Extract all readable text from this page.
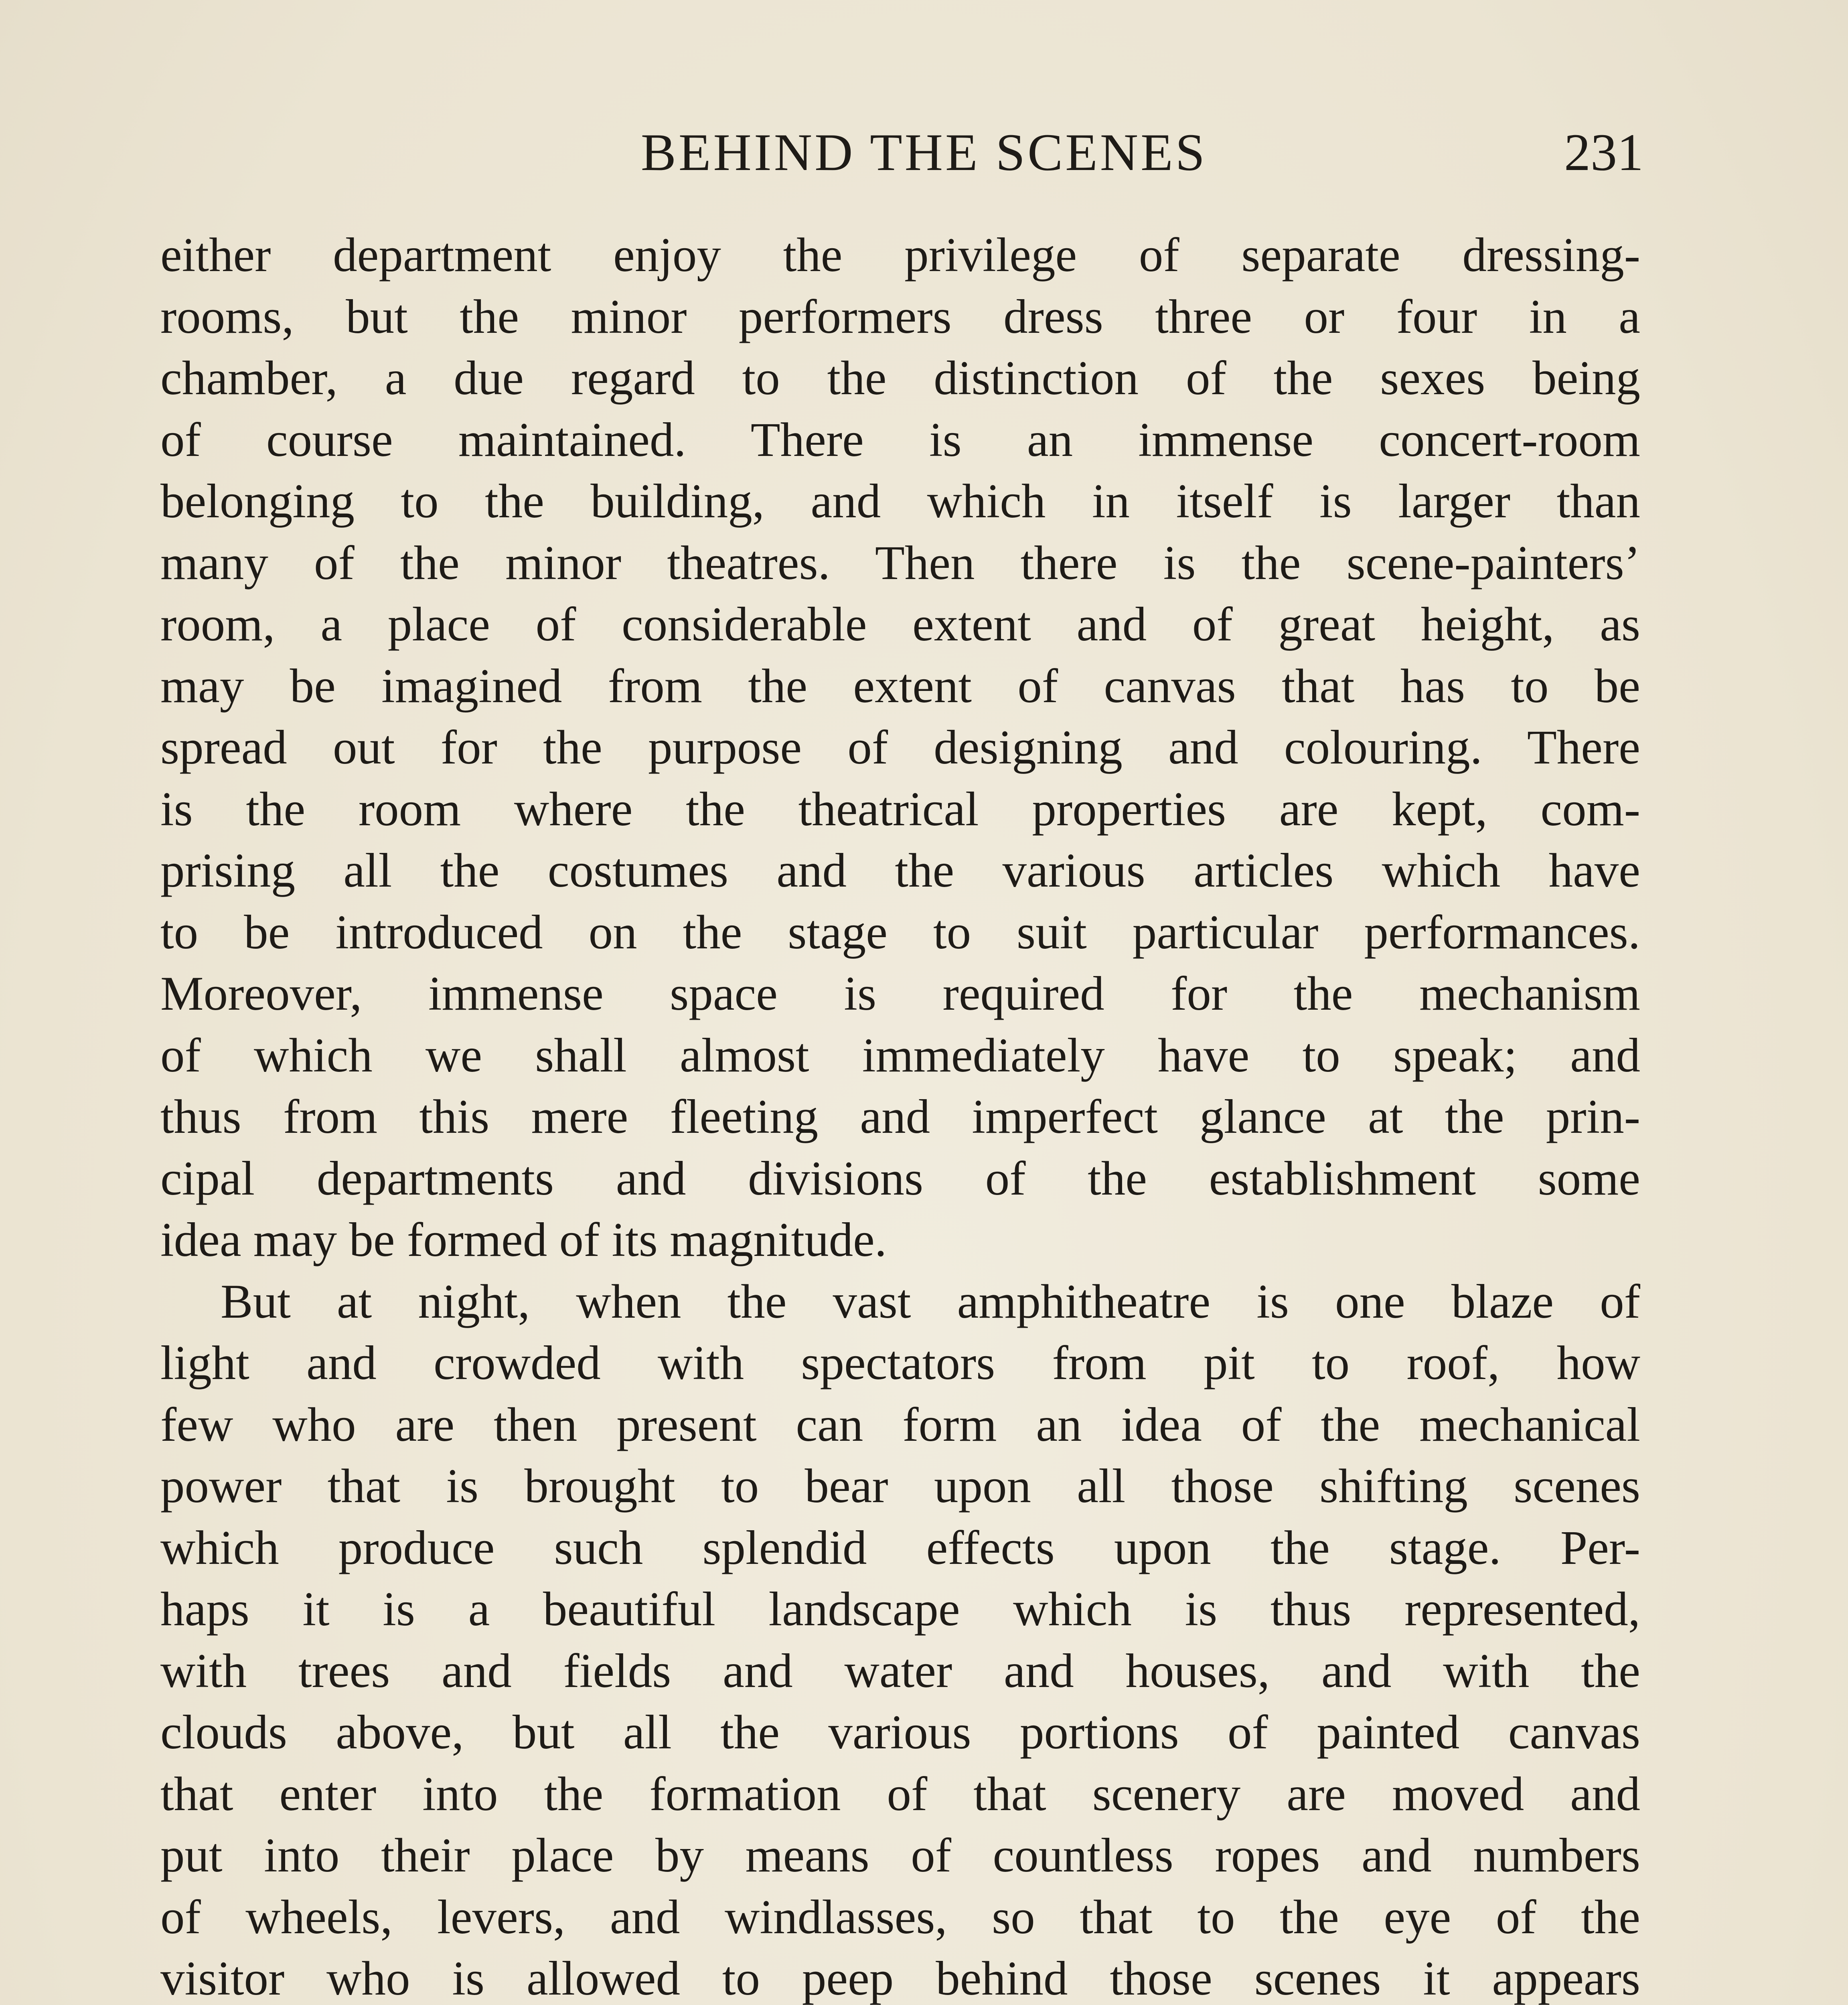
BEHIND THE SCENES	231
either department enjoy the privilege of separate dressing-
rooms, but the minor performers dress three or four in a
chamber, a due regard to the distinction of the sexes being
of course maintained. There is an immense concert-room
belonging to the building, and which in itself is larger than
many of the minor theatres. Then there is the scene-painters’
room, a place of considerable extent and of great height, as
may be imagined from the extent of canvas that has to be
spread out for the purpose of designing and colouring. There
is the room where the theatrical properties are kept, com-
prising all the costumes and the various articles which have
to be introduced on the stage to suit particular performances.
Moreover, immense space is required for the mechanism
of which we shall almost immediately have to speak; and
thus from this mere fleeting and imperfect glance at the prin-
cipal departments and divisions of the establishment some
idea may be formed of its magnitude.
But at night, when the vast amphitheatre is one blaze of
light and crowded with spectators from pit to roof, how
few who are then present can form an idea of the mechanical
power that is brought to bear upon all those shifting scenes
which produce such splendid effects upon the stage. Per-
haps it is a beautiful landscape which is thus represented,
with trees and fields and water and houses, and with the
clouds above, but all the various portions of painted canvas
that enter into the formation of that scenery are moved and
put into their place by means of countless ropes and numbers
of wheels, levers, and windlasses, so that to the eye of the
visitor who is allowed to peep behind those scenes it appears
